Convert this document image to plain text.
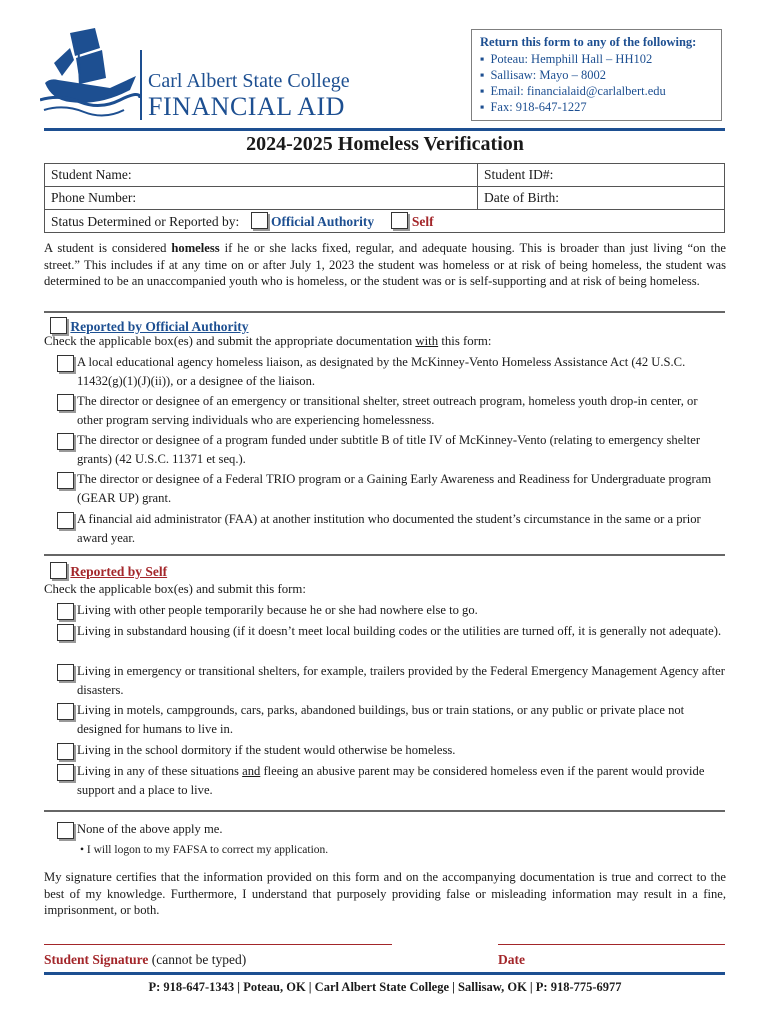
Carl Albert State College
FINANCIAL AID
Return this form to any of the following:
▪ Poteau: Hemphill Hall – HH102
▪ Sallisaw: Mayo – 8002
▪ Email: financialaid@carlalbert.edu
▪ Fax: 918-647-1227
2024-2025 Homeless Verification
Student Name:	Student ID#:
Phone Number:	Date of Birth:
Status Determined or Reported by: Official Authority Self	
A student is considered homeless if he or she lacks fixed, regular, and adequate housing. This is broader than just living “on the street.” This includes if at any time on or after July 1, 2023 the student was homeless or at risk of being homeless, the student was determined to be an unaccompanied youth who is homeless, or the student was or is self-supporting and at risk of being homeless.
Reported by Official Authority
Check the applicable box(es) and submit the appropriate documentation with this form:
A local educational agency homeless liaison, as designated by the McKinney-Vento Homeless Assistance Act (42 U.S.C. 11432(g)(1)(J)(ii)), or a designee of the liaison.
The director or designee of an emergency or transitional shelter, street outreach program, homeless youth drop-in center, or other program serving individuals who are experiencing homelessness.
The director or designee of a program funded under subtitle B of title IV of McKinney-Vento (relating to emergency shelter grants) (42 U.S.C. 11371 et seq.).
The director or designee of a Federal TRIO program or a Gaining Early Awareness and Readiness for Undergraduate program (GEAR UP) grant.
A financial aid administrator (FAA) at another institution who documented the student’s circumstance in the same or a prior award year.
Reported by Self
Check the applicable box(es) and submit this form:
Living with other people temporarily because he or she had nowhere else to go.
Living in substandard housing (if it doesn’t meet local building codes or the utilities are turned off, it is generally not adequate).
Living in emergency or transitional shelters, for example, trailers provided by the Federal Emergency Management Agency after disasters.
Living in motels, campgrounds, cars, parks, abandoned buildings, bus or train stations, or any public or private place not designed for humans to live in.
Living in the school dormitory if the student would otherwise be homeless.
Living in any of these situations and fleeing an abusive parent may be considered homeless even if the parent would provide support and a place to live.
None of the above apply me.
• I will logon to my FAFSA to correct my application.
My signature certifies that the information provided on this form and on the accompanying documentation is true and correct to the best of my knowledge. Furthermore, I understand that purposely providing false or misleading information may result in a fine, imprisonment, or both.
Student Signature (cannot be typed)	Date
P: 918-647-1343 | Poteau, OK | Carl Albert State College | Sallisaw, OK | P: 918-775-6977
